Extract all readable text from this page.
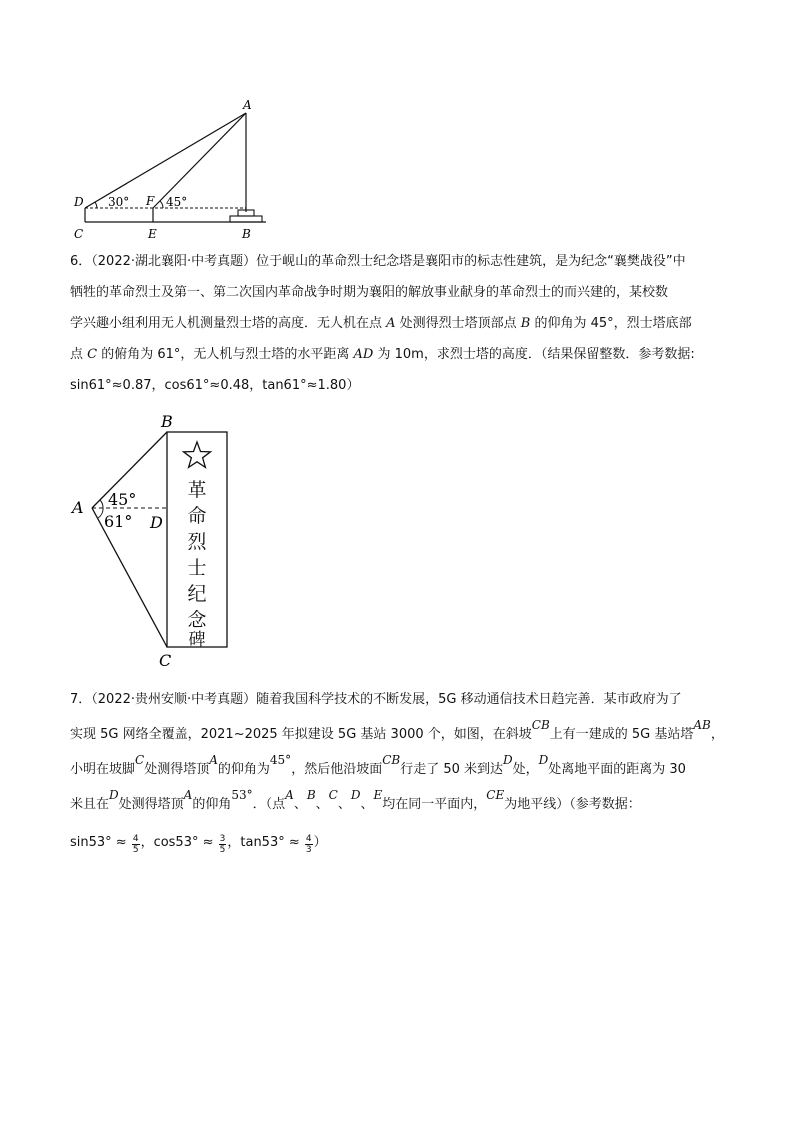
A
D
C
F
E	B
30°	45°
6．（2022·湖北襄阳·中考真题）位于岘山的革命烈士纪念塔是襄阳市的标志性建筑，是为纪念“襄樊战役”中
牺牲的革命烈士及第一、第二次国内革命战争时期为襄阳的解放事业献身的革命烈士的而兴建的，某校数
学兴趣小组利用无人机测量烈士塔的高度．无人机在点 A 处测得烈士塔顶部点 B 的仰角为 45°，烈士塔底部
点 C 的俯角为 61°，无人机与烈士塔的水平距离 AD 为 10m，求烈士塔的高度．（结果保留整数．参考数据:
sin61°≈0.87，cos61°≈0.48，tan61°≈1.80）
B
A
D
C
45°
61°
革
命
烈
士
纪
念
碑
7．（2022·贵州安顺·中考真题）随着我国科学技术的不断发展，5G 移动通信技术日趋完善．某市政府为了
实现 5G 网络全覆盖，2021~2025 年拟建设 5G 基站 3000 个，如图，在斜坡CB上有一建成的 5G 基站塔AB，
小明在坡脚C处测得塔顶A的仰角为45°，然后他沿坡面CB行走了 50 米到达D处，D处离地平面的距离为 30
米且在D处测得塔顶A的仰角53°．（点A、B、C、D、E均在同一平面内，CE为地平线）（参考数据：
$\sin 53^\circ \approx \frac{4}{5}$ ，$\cos 53^\circ \approx \frac{3}{5}$ ，$\tan 53^\circ \approx \frac{4}{3}$ ）
